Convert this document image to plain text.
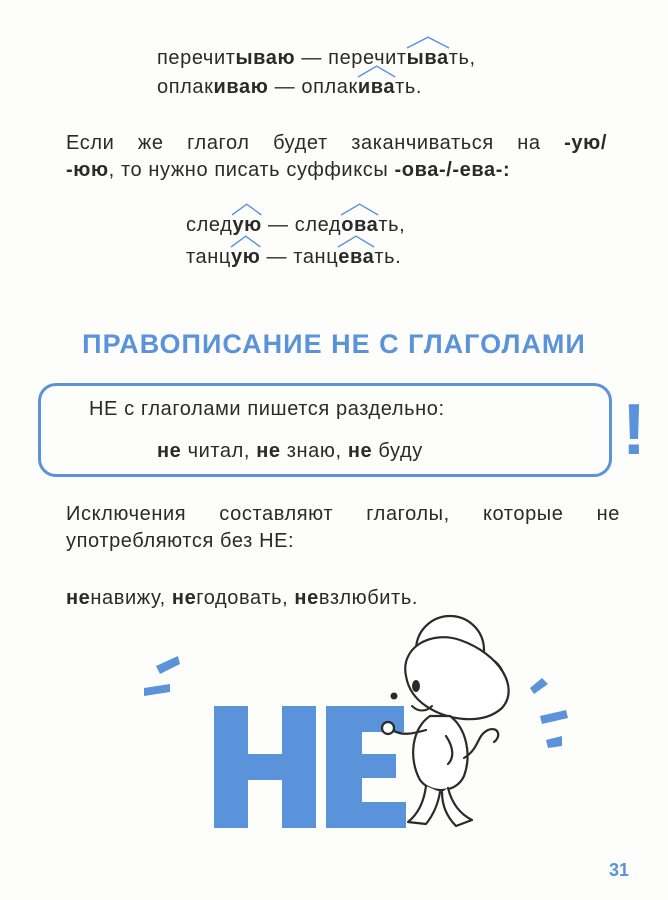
перечитываю — перечит
ывать,
оплакиваю — оплак
ивать.
Если же глагол будет заканчиваться на -ую/
-юю, то нужно писать суффиксы -ова-/-ева-:
след
ую — след
овать,
танц
ую — танц
евать.
ПРАВОПИСАНИЕ НЕ С ГЛАГОЛАМИ
НЕ с глаголами пишется раздельно:
не читал, не знаю, не буду	!
Исключения составляют глаголы, которые не
употребляются без НЕ:
ненавижу, негодовать, невзлюбить.
31
